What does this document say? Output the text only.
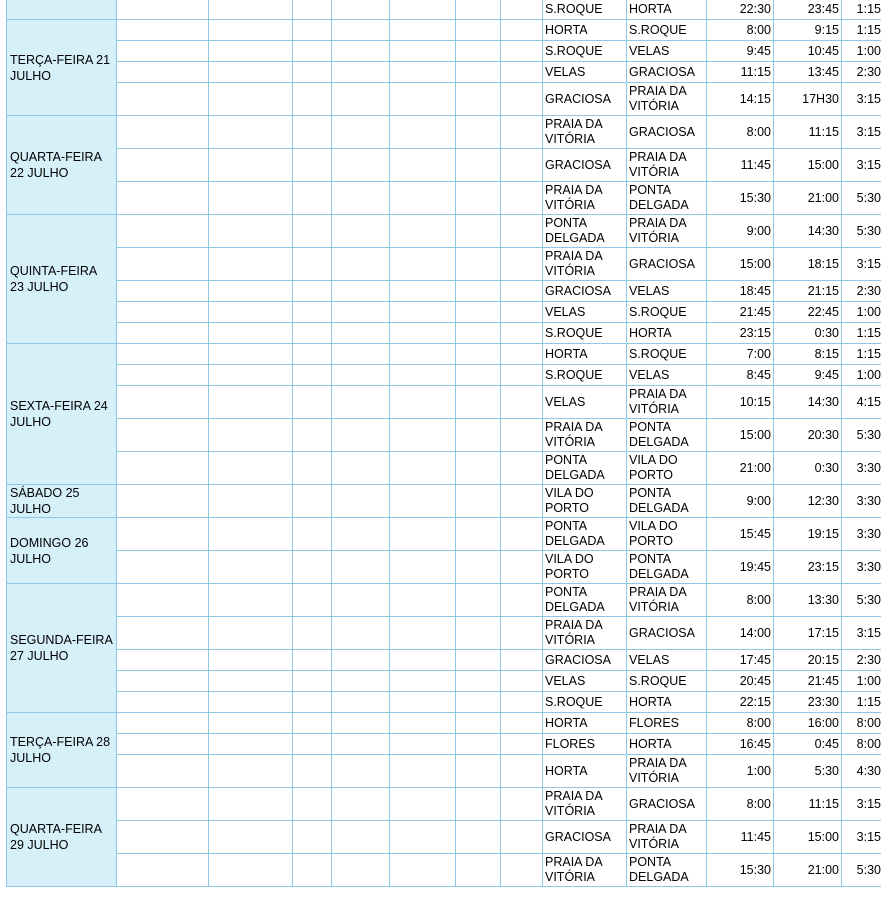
								S.ROQUE	HORTA	22:30	23:45	1:15
TERÇA-FEIRA 21 JULHO								HORTA	S.ROQUE	8:00	9:15	1:15
								S.ROQUE	VELAS	9:45	10:45	1:00
								VELAS	GRACIOSA	11:15	13:45	2:30
								GRACIOSA	PRAIA DA VITÓRIA	14:15	17H30	3:15
QUARTA-FEIRA 22 JULHO								PRAIA DA VITÓRIA	GRACIOSA	8:00	11:15	3:15
								GRACIOSA	PRAIA DA VITÓRIA	11:45	15:00	3:15
								PRAIA DA VITÓRIA	PONTA DELGADA	15:30	21:00	5:30
QUINTA-FEIRA 23 JULHO								PONTA DELGADA	PRAIA DA VITÓRIA	9:00	14:30	5:30
								PRAIA DA VITÓRIA	GRACIOSA	15:00	18:15	3:15
								GRACIOSA	VELAS	18:45	21:15	2:30
								VELAS	S.ROQUE	21:45	22:45	1:00
								S.ROQUE	HORTA	23:15	0:30	1:15
SEXTA-FEIRA 24 JULHO								HORTA	S.ROQUE	7:00	8:15	1:15
								S.ROQUE	VELAS	8:45	9:45	1:00
								VELAS	PRAIA DA VITÓRIA	10:15	14:30	4:15
								PRAIA DA VITÓRIA	PONTA DELGADA	15:00	20:30	5:30
								PONTA DELGADA	VILA DO PORTO	21:00	0:30	3:30
SÁBADO 25 JULHO								VILA DO PORTO	PONTA DELGADA	9:00	12:30	3:30
DOMINGO 26 JULHO								PONTA DELGADA	VILA DO PORTO	15:45	19:15	3:30
								VILA DO PORTO	PONTA DELGADA	19:45	23:15	3:30
SEGUNDA-FEIRA 27 JULHO								PONTA DELGADA	PRAIA DA VITÓRIA	8:00	13:30	5:30
								PRAIA DA VITÓRIA	GRACIOSA	14:00	17:15	3:15
								GRACIOSA	VELAS	17:45	20:15	2:30
								VELAS	S.ROQUE	20:45	21:45	1:00
								S.ROQUE	HORTA	22:15	23:30	1:15
TERÇA-FEIRA 28 JULHO								HORTA	FLORES	8:00	16:00	8:00
								FLORES	HORTA	16:45	0:45	8:00
								HORTA	PRAIA DA VITÓRIA	1:00	5:30	4:30
QUARTA-FEIRA 29 JULHO								PRAIA DA VITÓRIA	GRACIOSA	8:00	11:15	3:15
								GRACIOSA	PRAIA DA VITÓRIA	11:45	15:00	3:15
								PRAIA DA VITÓRIA	PONTA DELGADA	15:30	21:00	5:30
